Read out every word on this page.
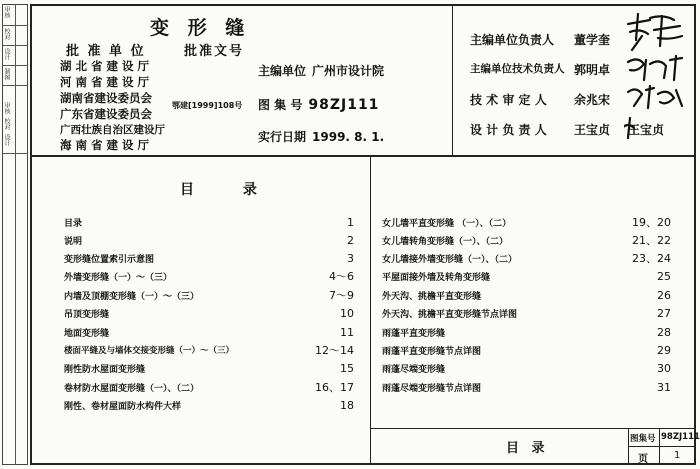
审核
校对
设计
制图
审核
校对
设计
变 形 缝
批 准 单 位	批准文号
湖 北 省 建 设 厅
河 南 省 建 设 厅
湖南省建设委员会
广东省建设委员会
广西壮族自治区建设厅
海 南 省 建 设 厅
鄂建[1999]108号
主编单位 广州市设计院
图 集 号 98ZJ111
实行日期 1999. 8. 1.
主编单位负责人 董学奎
主编单位技术负责人 郭明卓
技 术 审 定 人 余兆宋
设 计 负 责 人 王宝贞 王宝贞
目 录
目录	1
说明	2
变形缝位置索引示意图	3
外墙变形缝（一）～（三）	4～6
内墙及顶棚变形缝（一）～（三）	7～9
吊顶变形缝	10
地面变形缝	11
楼面平缝及与墙体交接变形缝（一）～（三）	12～14
刚性防水屋面变形缝	15
卷材防水屋面变形缝（一）、（二）	16、17
刚性、卷材屋面防水构件大样	18
女儿墙平直变形缝 （一）、（二）	19、20
女儿墙转角变形缝（一）、（二）	21、22
女儿墙接外墙变形缝（一）、（二）	23、24
平屋面接外墙及转角变形缝	25
外天沟、挑檐平直变形缝	26
外天沟、挑檐平直变形缝节点详图	27
雨蓬平直变形缝	28
雨蓬平直变形缝节点详图	29
雨蓬尽端变形缝	30
雨蓬尽端变形缝节点详图	31
目 录
图集号 98ZJ111
页	1
